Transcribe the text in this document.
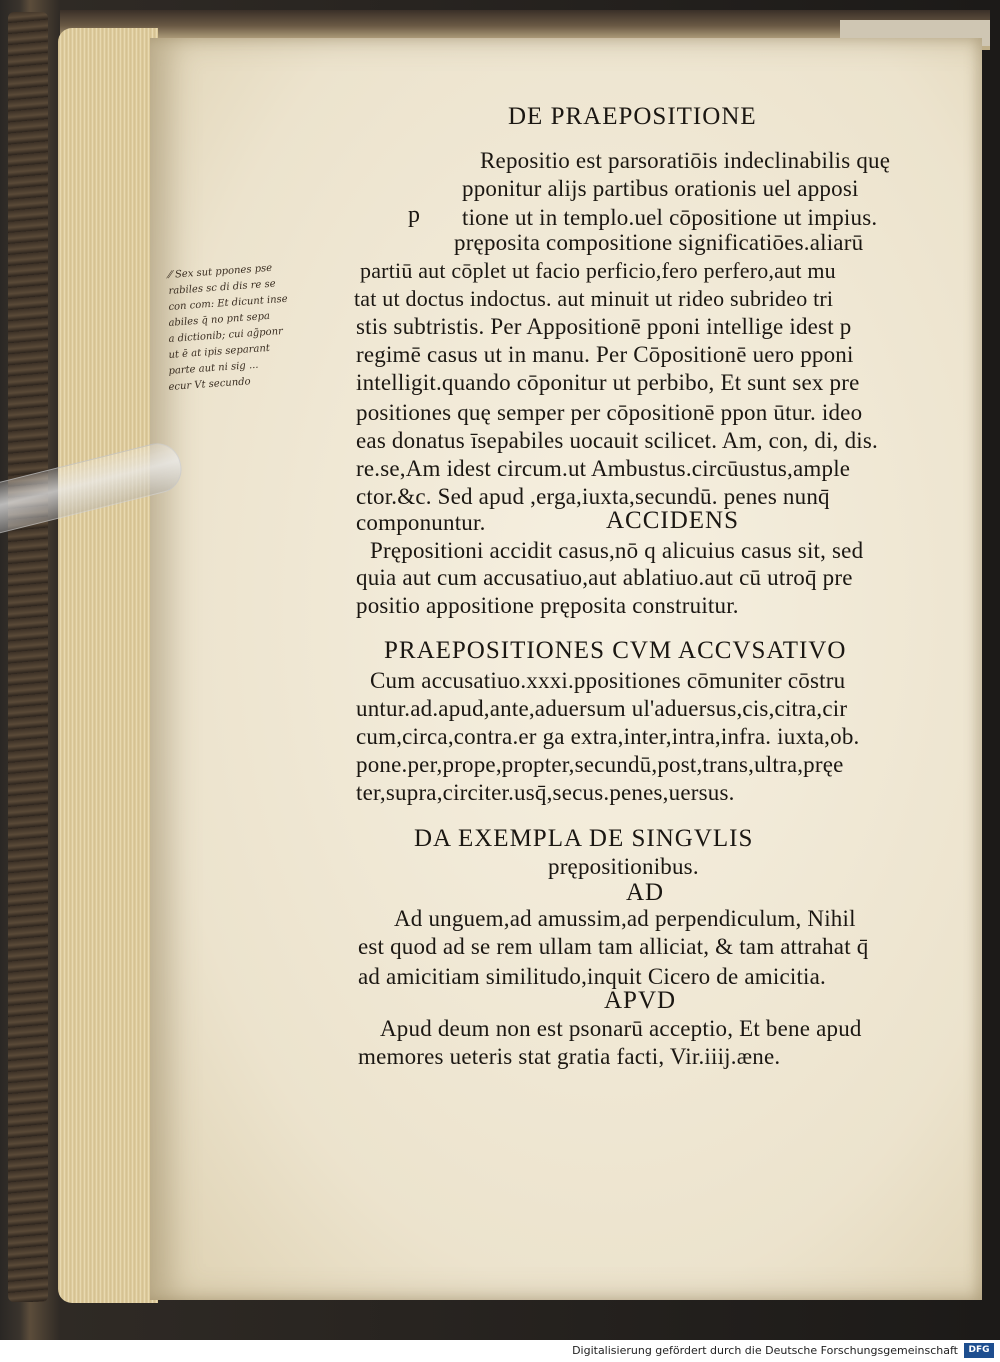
DE PRAEPOSITIONE
p
Repositio est parsoratiōis indeclinabilis quę
pponitur alijs partibus orationis uel apposi
tione ut in templo.uel cōpositione ut impius.
pręposita compositione significatiōes.aliarū
partiū aut cōplet ut facio perficio,fero perfero,aut mu
tat ut doctus indoctus. aut minuit ut rideo subrideo tri
stis subtristis. Per Appositionē pponi intellige idest p
regimē casus ut in manu. Per Cōpositionē uero pponi
intelligit.quando cōponitur ut perbibo, Et sunt sex pre
positiones quę semper per cōpositionē ppon ūtur. ideo
eas donatus īsepabiles uocauit scilicet. Am, con, di, dis.
re.se,Am idest circum.ut Ambustus.circūustus,ample
ctor.&c. Sed apud ,erga,iuxta,secundū. penes nunq̄
componuntur.	ACCIDENS
Prępositioni accidit casus,nō q alicuius casus sit, sed
quia aut cum accusatiuo,aut ablatiuo.aut cū utroq̄ pre
positio appositione pręposita construitur.
PRAEPOSITIONES CVM ACCVSATIVO
Cum accusatiuo.xxxi.ppositiones cōmuniter cōstru
untur.ad.apud,ante,aduersum ul'aduersus,cis,citra,cir
cum,circa,contra.er ga extra,inter,intra,infra. iuxta,ob.
pone.per,prope,propter,secundū,post,trans,ultra,pręe
ter,supra,circiter.usq̄,secus.penes,uersus.
DA EXEMPLA DE SINGVLIS
prępositionibus.
AD
Ad unguem,ad amussim,ad perpendiculum, Nihil
est quod ad se rem ullam tam alliciat, & tam attrahat q̄
ad amicitiam similitudo,inquit Cicero de amicitia.
APVD
Apud deum non est psonarū acceptio, Et bene apud
memores ueteris stat gratia facti, Vir.iiij.æne.
⁄⁄ Sex sut ppones pse
rabiles sc di dis re se
con com: Et dicunt inse
abiles q̄ no pnt sepa
a dictionib; cui ag̃ponr
ut ē at ipis separant
parte aut ni sig ...
ecur Vt secundo
Digitalisierung gefördert durch die Deutsche Forschungsgemeinschaft	DFG
